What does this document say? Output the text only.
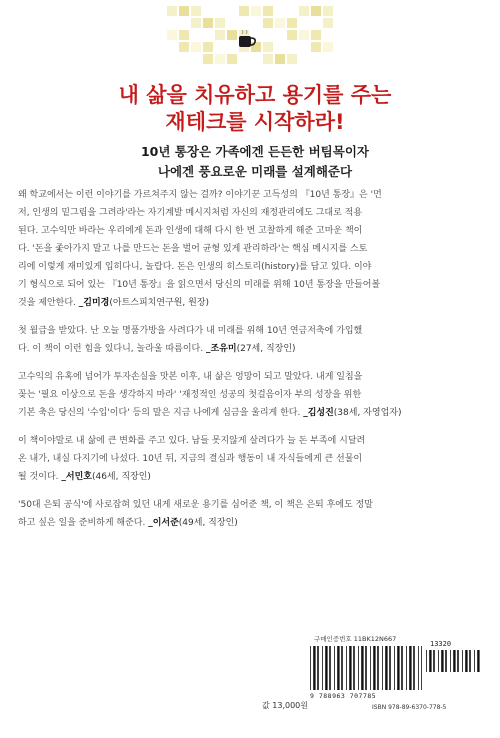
내 삶을 치유하고 용기를 주는
재테크를 시작하라!
10년 통장은 가족에겐 든든한 버팀목이자
나에겐 풍요로운 미래를 설계해준다

왜 학교에서는 이런 이야기를 가르쳐주지 않는 걸까? 이야기꾼 고득성의 『10년 통장』은 '먼

저, 인생의 밑그림을 그려라'라는 자기계발 메시지처럼 자신의 재정관리에도 그대로 적용

된다. 고수익만 바라는 우리에게 돈과 인생에 대해 다시 한 번 고찰하게 해준 고마운 책이

다. '돈을 좇아가지 말고 나를 만드는 돈을 벌어 균형 있게 관리하라'는 핵심 메시지를 스토

리에 이렇게 재미있게 입히다니, 놀랍다. 돈은 인생의 히스토리(history)를 담고 있다. 이야

기 형식으로 되어 있는 『10년 통장』을 읽으면서 당신의 미래를 위해 10년 통장을 만들어볼

것을 제안한다. _김미경(아트스피치연구원, 원장)

첫 월급을 받았다. 난 오늘 명품가방을 사려다가 내 미래를 위해 10년 연금저축에 가입했

다. 이 책이 이런 힘을 있다니, 놀라울 따름이다. _조유미(27세, 직장인)

고수익의 유혹에 넘어가 투자손실을 맛본 이후, 내 삶은 엉망이 되고 말았다. 내게 일침을

꽂는 '필요 이상으로 돈을 생각하지 마라' '재정적인 성공의 첫걸음이자 부의 성장을 위한

기본 축은 당신의 '수입'이다' 등의 말은 지금 나에게 심금을 울리게 한다. _김성진(38세, 자영업자)

이 책이야말로 내 삶에 큰 변화를 주고 있다. 남들 못지않게 살려다가 늘 돈 부족에 시달려

온 내가, 내실 다지기에 나섰다. 10년 뒤, 지금의 결심과 행동이 내 자식들에게 큰 선물이

될 것이다. _서민호(46세, 직장인)

'50대 은퇴 공식'에 사로잡혀 있던 내게 새로운 용기를 심어준 책, 이 책은 은퇴 후에도 정말

하고 싶은 일을 준비하게 해준다. _이서준(49세, 직장인)

구매인증번호 11BK12N667
13320
9 788963 707785
ISBN 978-89-6370-778-5
값 13,000원
